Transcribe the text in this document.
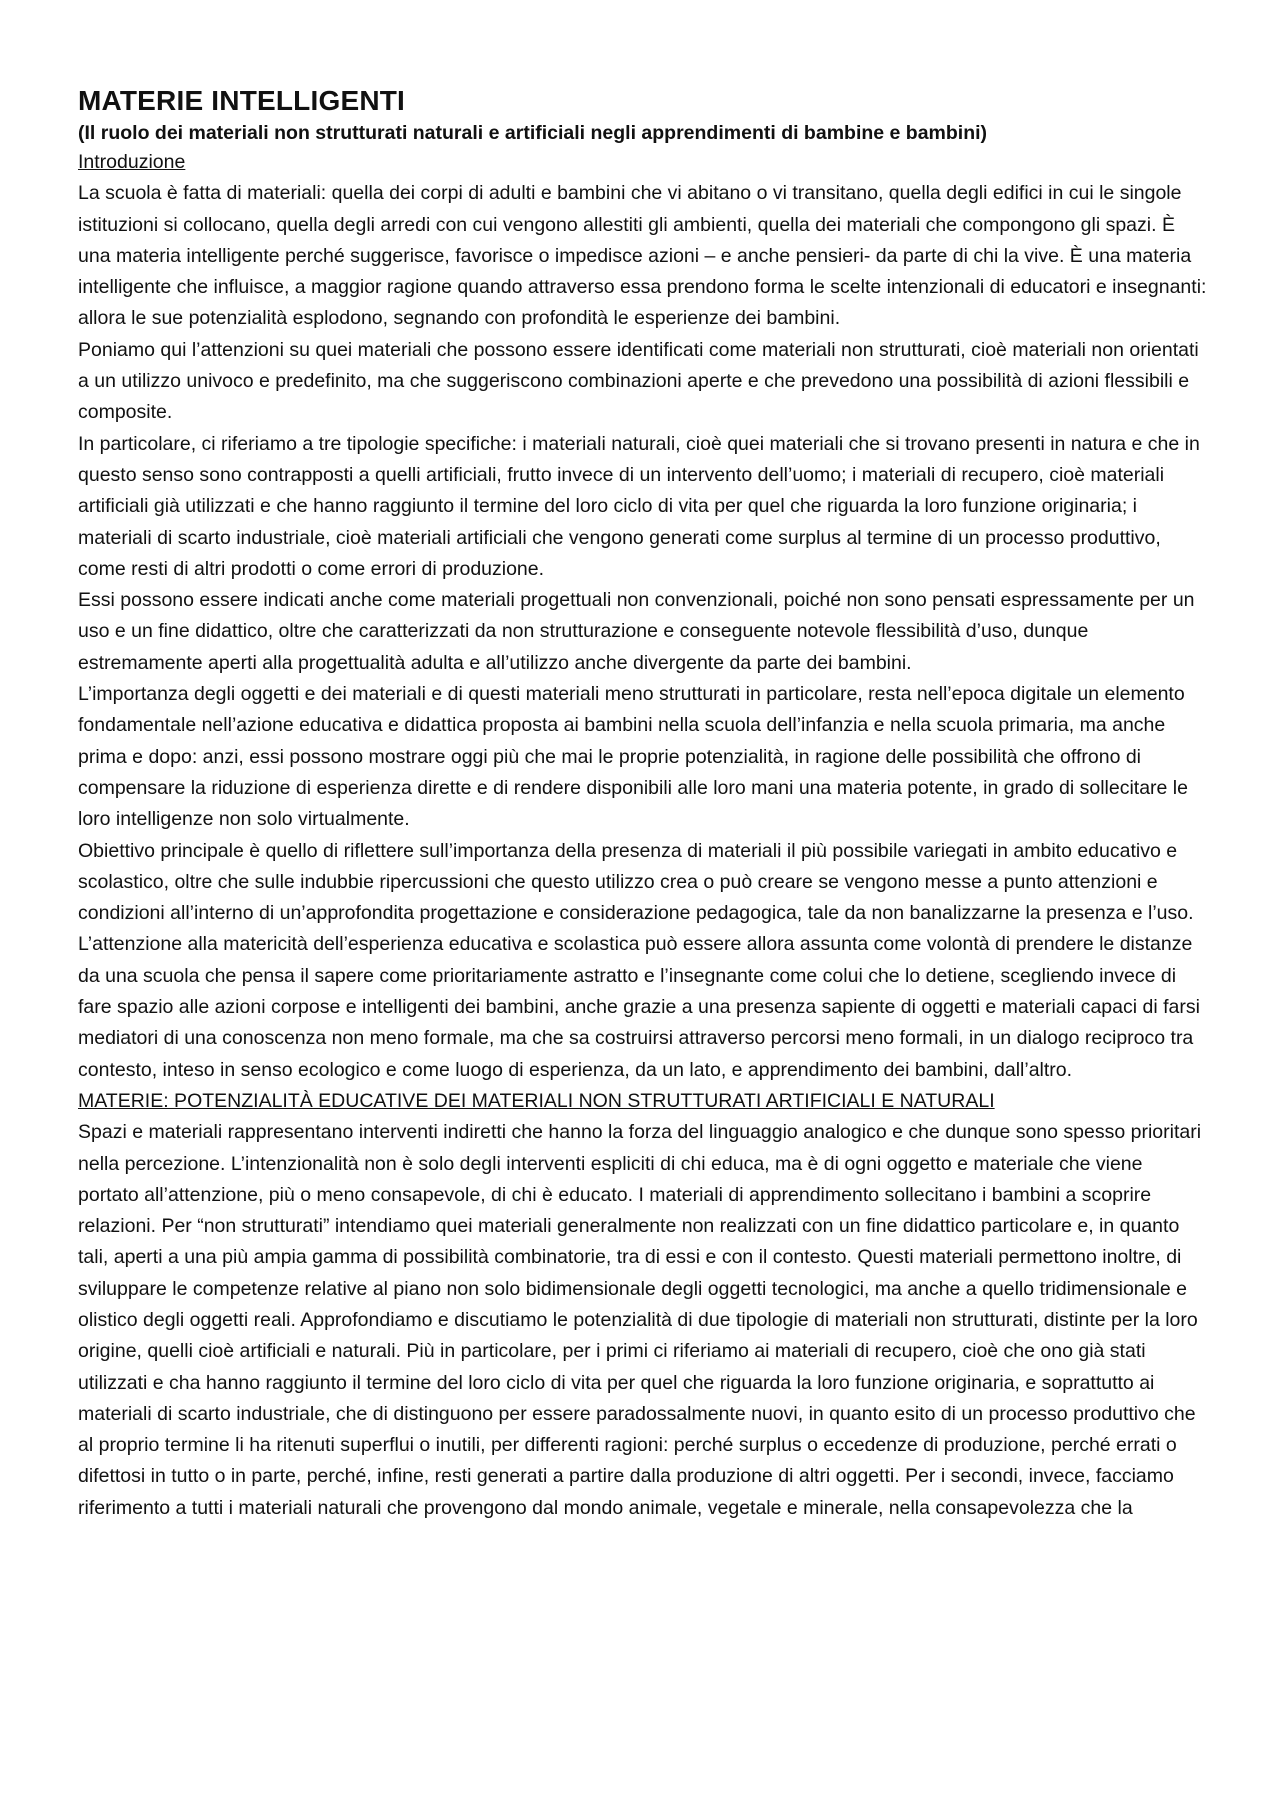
MATERIE INTELLIGENTI

(Il ruolo dei materiali non strutturati naturali e artificiali negli apprendimenti di bambine e bambini)

Introduzione

La scuola è fatta di materiali: quella dei corpi di adulti e bambini che vi abitano o vi transitano, quella degli edifici in cui le singole istituzioni si collocano, quella degli arredi con cui vengono allestiti gli ambienti, quella dei materiali che compongono gli spazi. È una materia intelligente perché suggerisce, favorisce o impedisce azioni – e anche pensieri- da parte di chi la vive. È una materia intelligente che influisce, a maggior ragione quando attraverso essa prendono forma le scelte intenzionali di educatori e insegnanti: allora le sue potenzialità esplodono, segnando con profondità le esperienze dei bambini.

Poniamo qui l’attenzioni su quei materiali che possono essere identificati come materiali non strutturati, cioè materiali non orientati a un utilizzo univoco e predefinito, ma che suggeriscono combinazioni aperte e che prevedono una possibilità di azioni flessibili e composite.

In particolare, ci riferiamo a tre tipologie specifiche: i materiali naturali, cioè quei materiali che si trovano presenti in natura e che in questo senso sono contrapposti a quelli artificiali, frutto invece di un intervento dell’uomo; i materiali di recupero, cioè materiali artificiali già utilizzati e che hanno raggiunto il termine del loro ciclo di vita per quel che riguarda la loro funzione originaria; i materiali di scarto industriale, cioè materiali artificiali che vengono generati come surplus al termine di un processo produttivo, come resti di altri prodotti o come errori di produzione.

Essi possono essere indicati anche come materiali progettuali non convenzionali, poiché non sono pensati espressamente per un uso e un fine didattico, oltre che caratterizzati da non strutturazione e conseguente notevole flessibilità d’uso, dunque estremamente aperti alla progettualità adulta e all’utilizzo anche divergente da parte dei bambini.

L’importanza degli oggetti e dei materiali e di questi materiali meno strutturati in particolare, resta nell’epoca digitale un elemento fondamentale nell’azione educativa e didattica proposta ai bambini nella scuola dell’infanzia e nella scuola primaria, ma anche prima e dopo: anzi, essi possono mostrare oggi più che mai le proprie potenzialità, in ragione delle possibilità che offrono di compensare la riduzione di esperienza dirette e di rendere disponibili alle loro mani una materia potente, in grado di sollecitare le loro intelligenze non solo virtualmente.

Obiettivo principale è quello di riflettere sull’importanza della presenza di materiali il più possibile variegati in ambito educativo e scolastico, oltre che sulle indubbie ripercussioni che questo utilizzo crea o può creare se vengono messe a punto attenzioni e condizioni all’interno di un’approfondita progettazione e considerazione pedagogica, tale da non banalizzarne la presenza e l’uso.

L’attenzione alla matericità dell’esperienza educativa e scolastica può essere allora assunta come volontà di prendere le distanze da una scuola che pensa il sapere come prioritariamente astratto e l’insegnante come colui che lo detiene, scegliendo invece di fare spazio alle azioni corpose e intelligenti dei bambini, anche grazie a una presenza sapiente di oggetti e materiali capaci di farsi mediatori di una conoscenza non meno formale, ma che sa costruirsi attraverso percorsi meno formali, in un dialogo reciproco tra contesto, inteso in senso ecologico e come luogo di esperienza, da un lato, e apprendimento dei bambini, dall’altro.

MATERIE: POTENZIALITÀ EDUCATIVE DEI MATERIALI NON STRUTTURATI ARTIFICIALI E NATURALI

Spazi e materiali rappresentano interventi indiretti che hanno la forza del linguaggio analogico e che dunque sono spesso prioritari nella percezione. L’intenzionalità non è solo degli interventi espliciti di chi educa, ma è di ogni oggetto e materiale che viene portato all’attenzione, più o meno consapevole, di chi è educato. I materiali di apprendimento sollecitano i bambini a scoprire relazioni. Per “non strutturati” intendiamo quei materiali generalmente non realizzati con un fine didattico particolare e, in quanto tali, aperti a una più ampia gamma di possibilità combinatorie, tra di essi e con il contesto. Questi materiali permettono inoltre, di sviluppare le competenze relative al piano non solo bidimensionale degli oggetti tecnologici, ma anche a quello tridimensionale e olistico degli oggetti reali. Approfondiamo e discutiamo le potenzialità di due tipologie di materiali non strutturati, distinte per la loro origine, quelli cioè artificiali e naturali. Più in particolare, per i primi ci riferiamo ai materiali di recupero, cioè che ono già stati utilizzati e cha hanno raggiunto il termine del loro ciclo di vita per quel che riguarda la loro funzione originaria, e soprattutto ai materiali di scarto industriale, che di distinguono per essere paradossalmente nuovi, in quanto esito di un processo produttivo che al proprio termine li ha ritenuti superflui o inutili, per differenti ragioni: perché surplus o eccedenze di produzione, perché errati o difettosi in tutto o in parte, perché, infine, resti generati a partire dalla produzione di altri oggetti. Per i secondi, invece, facciamo riferimento a tutti i materiali naturali che provengono dal mondo animale, vegetale e minerale, nella consapevolezza che la
